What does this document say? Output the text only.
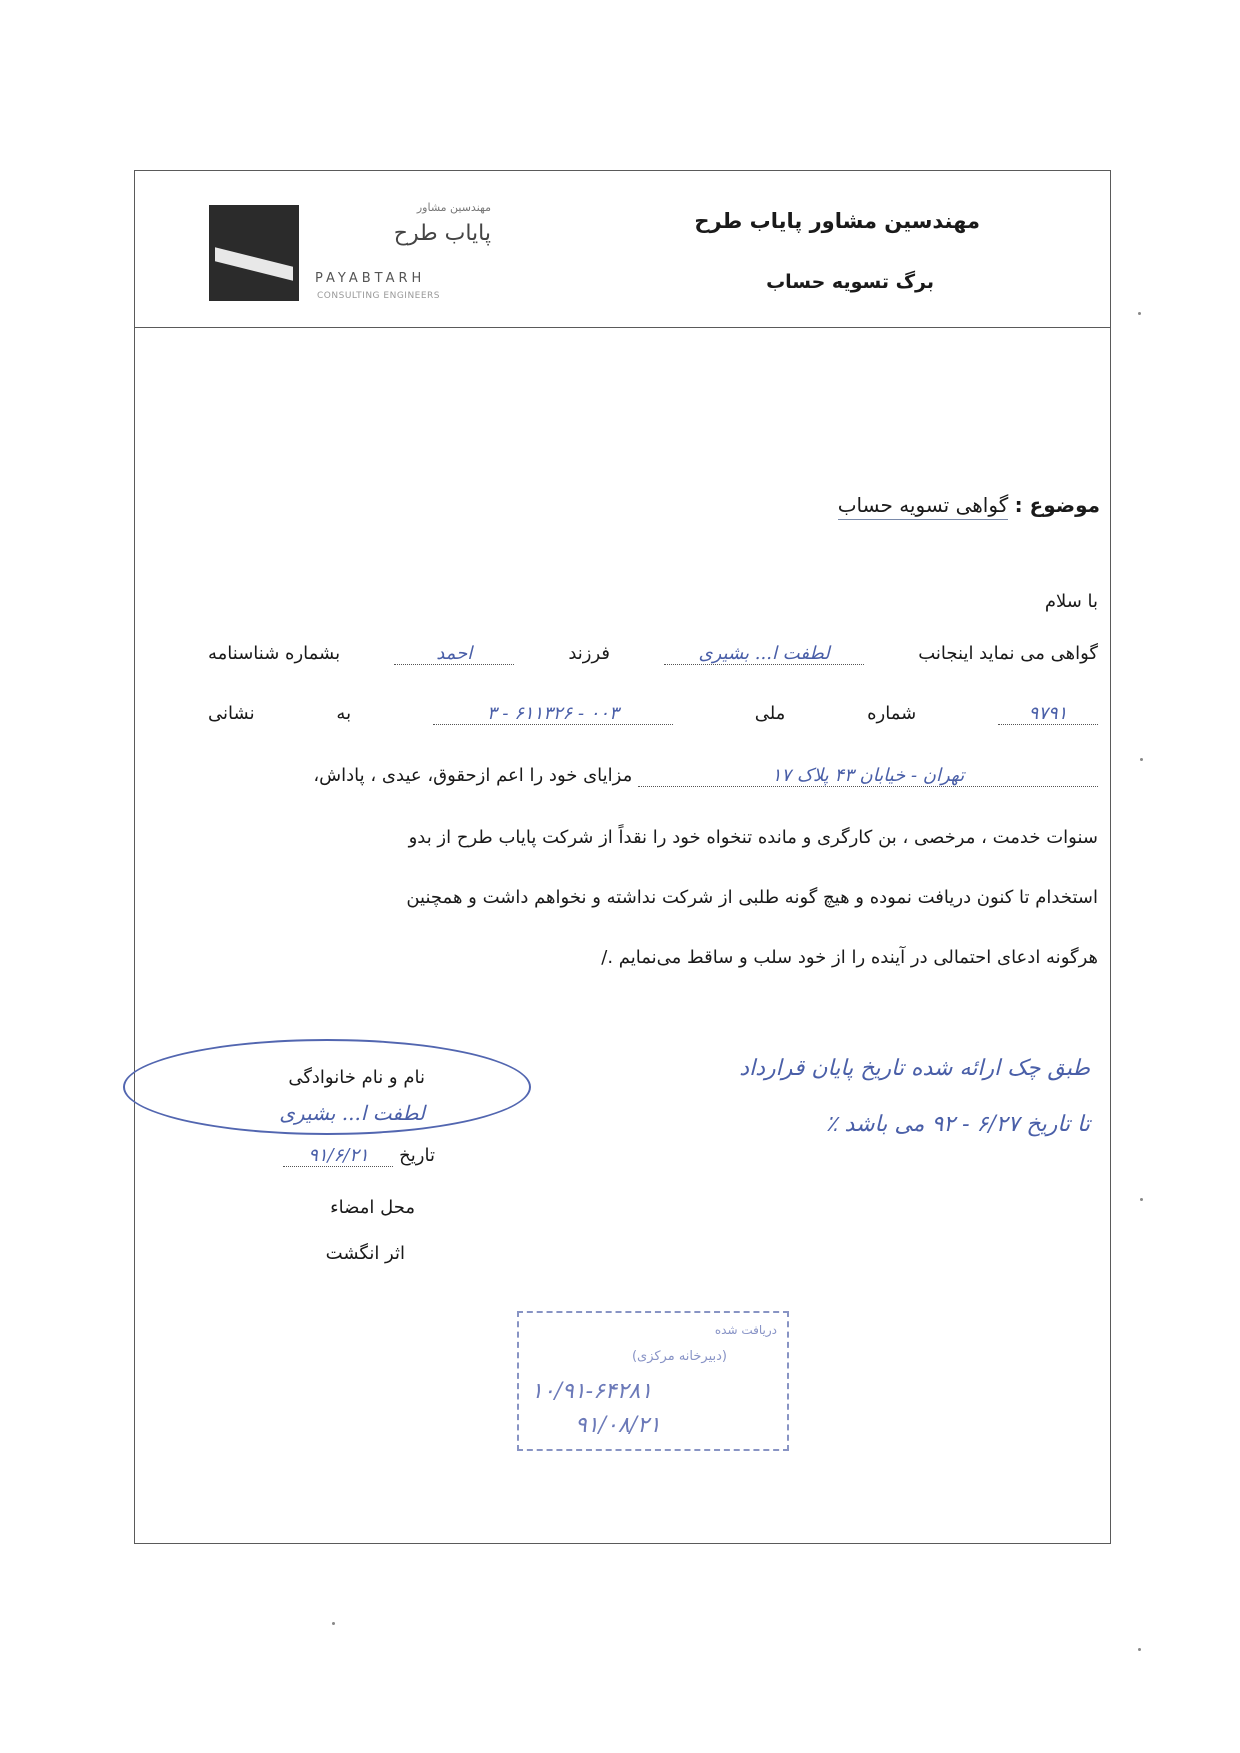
مهندسین مشاور
پایاب طرح
PAYABTARH
CONSULTING ENGINEERS
مهندسین مشاور پایاب طرح
برگ تسویه حساب
موضوع : گواهی تسویه حساب
با سلام
گواهی می نماید اینجانب
لطفت ا... بشیری
فرزند
احمد
بشماره شناسنامه
۹۷۹۱
شماره
ملی
۰۰۳ - ۶۱۱۳۲۶ - ۳
به
نشانی
تهران - خیابان ۴۳ پلاک ۱۷ مزایای خود را اعم ازحقوق، عیدی ، پاداش،
سنوات خدمت ، مرخصی ، بن کارگری و مانده تنخواه خود را نقداً از شرکت پایاب طرح از بدو
استخدام تا کنون دریافت نموده و هیچ گونه طلبی از شرکت نداشته و نخواهم داشت و همچنین
هرگونه ادعای احتمالی در آینده را از خود سلب و ساقط می‌نمایم ./
طبق چک ارائه شده تاریخ پایان قرارداد
تا تاریخ ۶/۲۷ - ۹۲ می باشد ٪
نام و نام خانوادگی
لطفت ا... بشیری
تاریخ ۹۱/۶/۲۱
محل امضاء
اثر انگشت
دریافت شده
(دبیرخانه مرکزی)
۱۰/۹۱-۶۴۲۸۱
۹۱/۰۸/۲۱
